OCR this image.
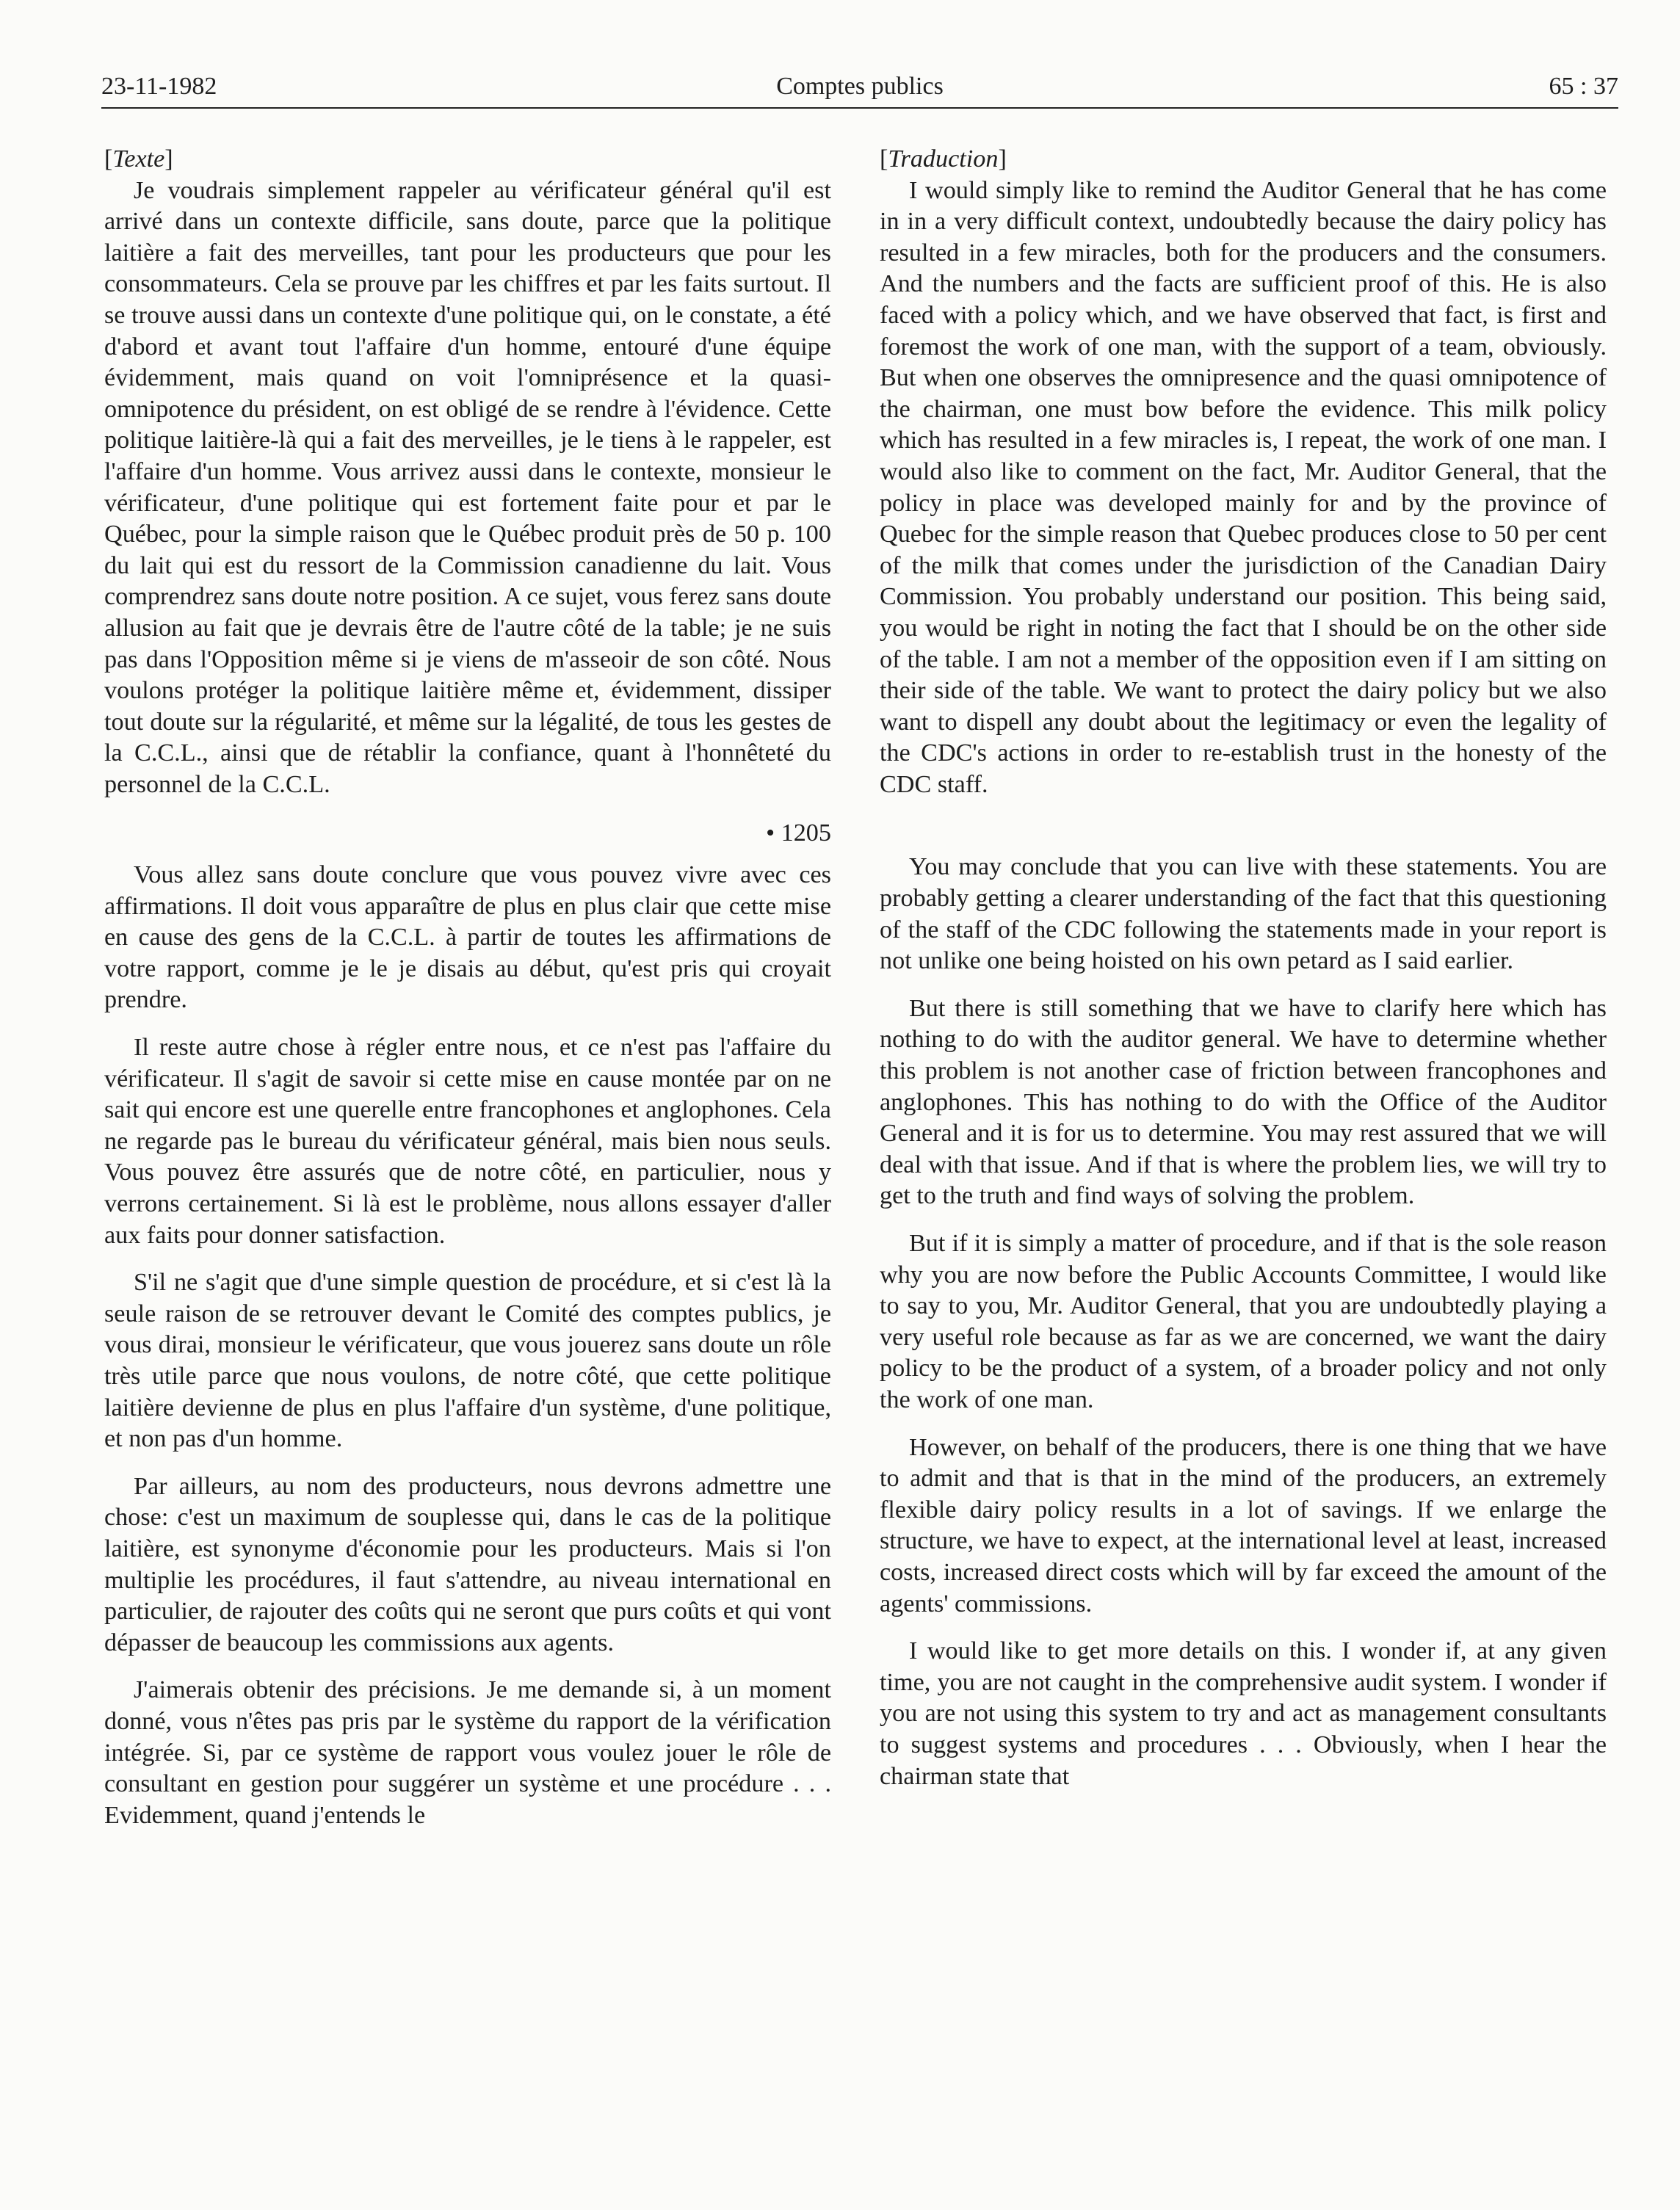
23-11-1982	Comptes publics	65 : 37

[Texte]

Je voudrais simplement rappeler au vérificateur général qu'il est arrivé dans un contexte difficile, sans doute, parce que la politique laitière a fait des merveilles, tant pour les producteurs que pour les consommateurs. Cela se prouve par les chiffres et par les faits surtout. Il se trouve aussi dans un contexte d'une politique qui, on le constate, a été d'abord et avant tout l'affaire d'un homme, entouré d'une équipe évidemment, mais quand on voit l'omniprésence et la quasi-omnipotence du président, on est obligé de se rendre à l'évidence. Cette politique laitière-là qui a fait des merveilles, je le tiens à le rappeler, est l'affaire d'un homme. Vous arrivez aussi dans le contexte, monsieur le vérificateur, d'une politique qui est fortement faite pour et par le Québec, pour la simple raison que le Québec produit près de 50 p. 100 du lait qui est du ressort de la Commission canadienne du lait. Vous comprendrez sans doute notre position. A ce sujet, vous ferez sans doute allusion au fait que je devrais être de l'autre côté de la table; je ne suis pas dans l'Opposition même si je viens de m'asseoir de son côté. Nous voulons protéger la politique laitière même et, évidemment, dissiper tout doute sur la régularité, et même sur la légalité, de tous les gestes de la C.C.L., ainsi que de rétablir la confiance, quant à l'honnêteté du personnel de la C.C.L.

• 1205

Vous allez sans doute conclure que vous pouvez vivre avec ces affirmations. Il doit vous apparaître de plus en plus clair que cette mise en cause des gens de la C.C.L. à partir de toutes les affirmations de votre rapport, comme je le je disais au début, qu'est pris qui croyait prendre.

Il reste autre chose à régler entre nous, et ce n'est pas l'affaire du vérificateur. Il s'agit de savoir si cette mise en cause montée par on ne sait qui encore est une querelle entre francophones et anglophones. Cela ne regarde pas le bureau du vérificateur général, mais bien nous seuls. Vous pouvez être assurés que de notre côté, en particulier, nous y verrons certainement. Si là est le problème, nous allons essayer d'aller aux faits pour donner satisfaction.

S'il ne s'agit que d'une simple question de procédure, et si c'est là la seule raison de se retrouver devant le Comité des comptes publics, je vous dirai, monsieur le vérificateur, que vous jouerez sans doute un rôle très utile parce que nous voulons, de notre côté, que cette politique laitière devienne de plus en plus l'affaire d'un système, d'une politique, et non pas d'un homme.

Par ailleurs, au nom des producteurs, nous devrons admettre une chose: c'est un maximum de souplesse qui, dans le cas de la politique laitière, est synonyme d'économie pour les producteurs. Mais si l'on multiplie les procédures, il faut s'attendre, au niveau international en particulier, de rajouter des coûts qui ne seront que purs coûts et qui vont dépasser de beaucoup les commissions aux agents.

J'aimerais obtenir des précisions. Je me demande si, à un moment donné, vous n'êtes pas pris par le système du rapport de la vérification intégrée. Si, par ce système de rapport vous voulez jouer le rôle de consultant en gestion pour suggérer un système et une procédure . . . Evidemment, quand j'entends le

[Traduction]

I would simply like to remind the Auditor General that he has come in in a very difficult context, undoubtedly because the dairy policy has resulted in a few miracles, both for the producers and the consumers. And the numbers and the facts are sufficient proof of this. He is also faced with a policy which, and we have observed that fact, is first and foremost the work of one man, with the support of a team, obviously. But when one observes the omnipresence and the quasi omnipotence of the chairman, one must bow before the evidence. This milk policy which has resulted in a few miracles is, I repeat, the work of one man. I would also like to comment on the fact, Mr. Auditor General, that the policy in place was developed mainly for and by the province of Quebec for the simple reason that Quebec produces close to 50 per cent of the milk that comes under the jurisdiction of the Canadian Dairy Commission. You probably understand our position. This being said, you would be right in noting the fact that I should be on the other side of the table. I am not a member of the opposition even if I am sitting on their side of the table. We want to protect the dairy policy but we also want to dispell any doubt about the legitimacy or even the legality of the CDC's actions in order to re-establish trust in the honesty of the CDC staff.

You may conclude that you can live with these statements. You are probably getting a clearer understanding of the fact that this questioning of the staff of the CDC following the statements made in your report is not unlike one being hoisted on his own petard as I said earlier.

But there is still something that we have to clarify here which has nothing to do with the auditor general. We have to determine whether this problem is not another case of friction between francophones and anglophones. This has nothing to do with the Office of the Auditor General and it is for us to determine. You may rest assured that we will deal with that issue. And if that is where the problem lies, we will try to get to the truth and find ways of solving the problem.

But if it is simply a matter of procedure, and if that is the sole reason why you are now before the Public Accounts Committee, I would like to say to you, Mr. Auditor General, that you are undoubtedly playing a very useful role because as far as we are concerned, we want the dairy policy to be the product of a system, of a broader policy and not only the work of one man.

However, on behalf of the producers, there is one thing that we have to admit and that is that in the mind of the producers, an extremely flexible dairy policy results in a lot of savings. If we enlarge the structure, we have to expect, at the international level at least, increased costs, increased direct costs which will by far exceed the amount of the agents' commissions.

I would like to get more details on this. I wonder if, at any given time, you are not caught in the comprehensive audit system. I wonder if you are not using this system to try and act as management consultants to suggest systems and procedures . . . Obviously, when I hear the chairman state that
